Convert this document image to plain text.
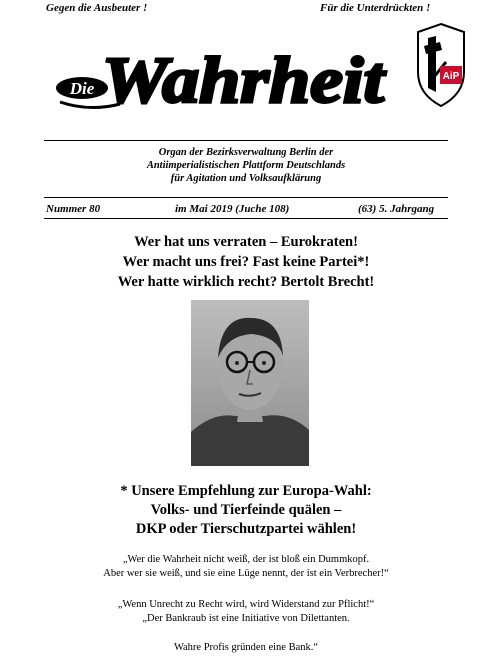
Gegen die Ausbeuter !	Für die Unterdrückten !
Die Wahrheit	AiP
Organ der Bezirksverwaltung Berlin der
Antiimperialistischen Plattform Deutschlands
für Agitation und Volksaufklärung
Nummer 80	im Mai 2019 (Juche 108)	(63) 5. Jahrgang
Wer hat uns verraten – Eurokraten!
Wer macht uns frei? Fast keine Partei*!
Wer hatte wirklich recht? Bertolt Brecht!
* Unsere Empfehlung zur Europa-Wahl:
Volks- und Tierfeinde quälen –
DKP oder Tierschutzpartei wählen!
„Wer die Wahrheit nicht weiß, der ist bloß ein Dummkopf.
Aber wer sie weiß, und sie eine Lüge nennt, der ist ein Verbrecher!“
„Wenn Unrecht zu Recht wird, wird Widerstand zur Pflicht!“
„Der Bankraub ist eine Initiative von Dilettanten.
Wahre Profis gründen eine Bank.“
